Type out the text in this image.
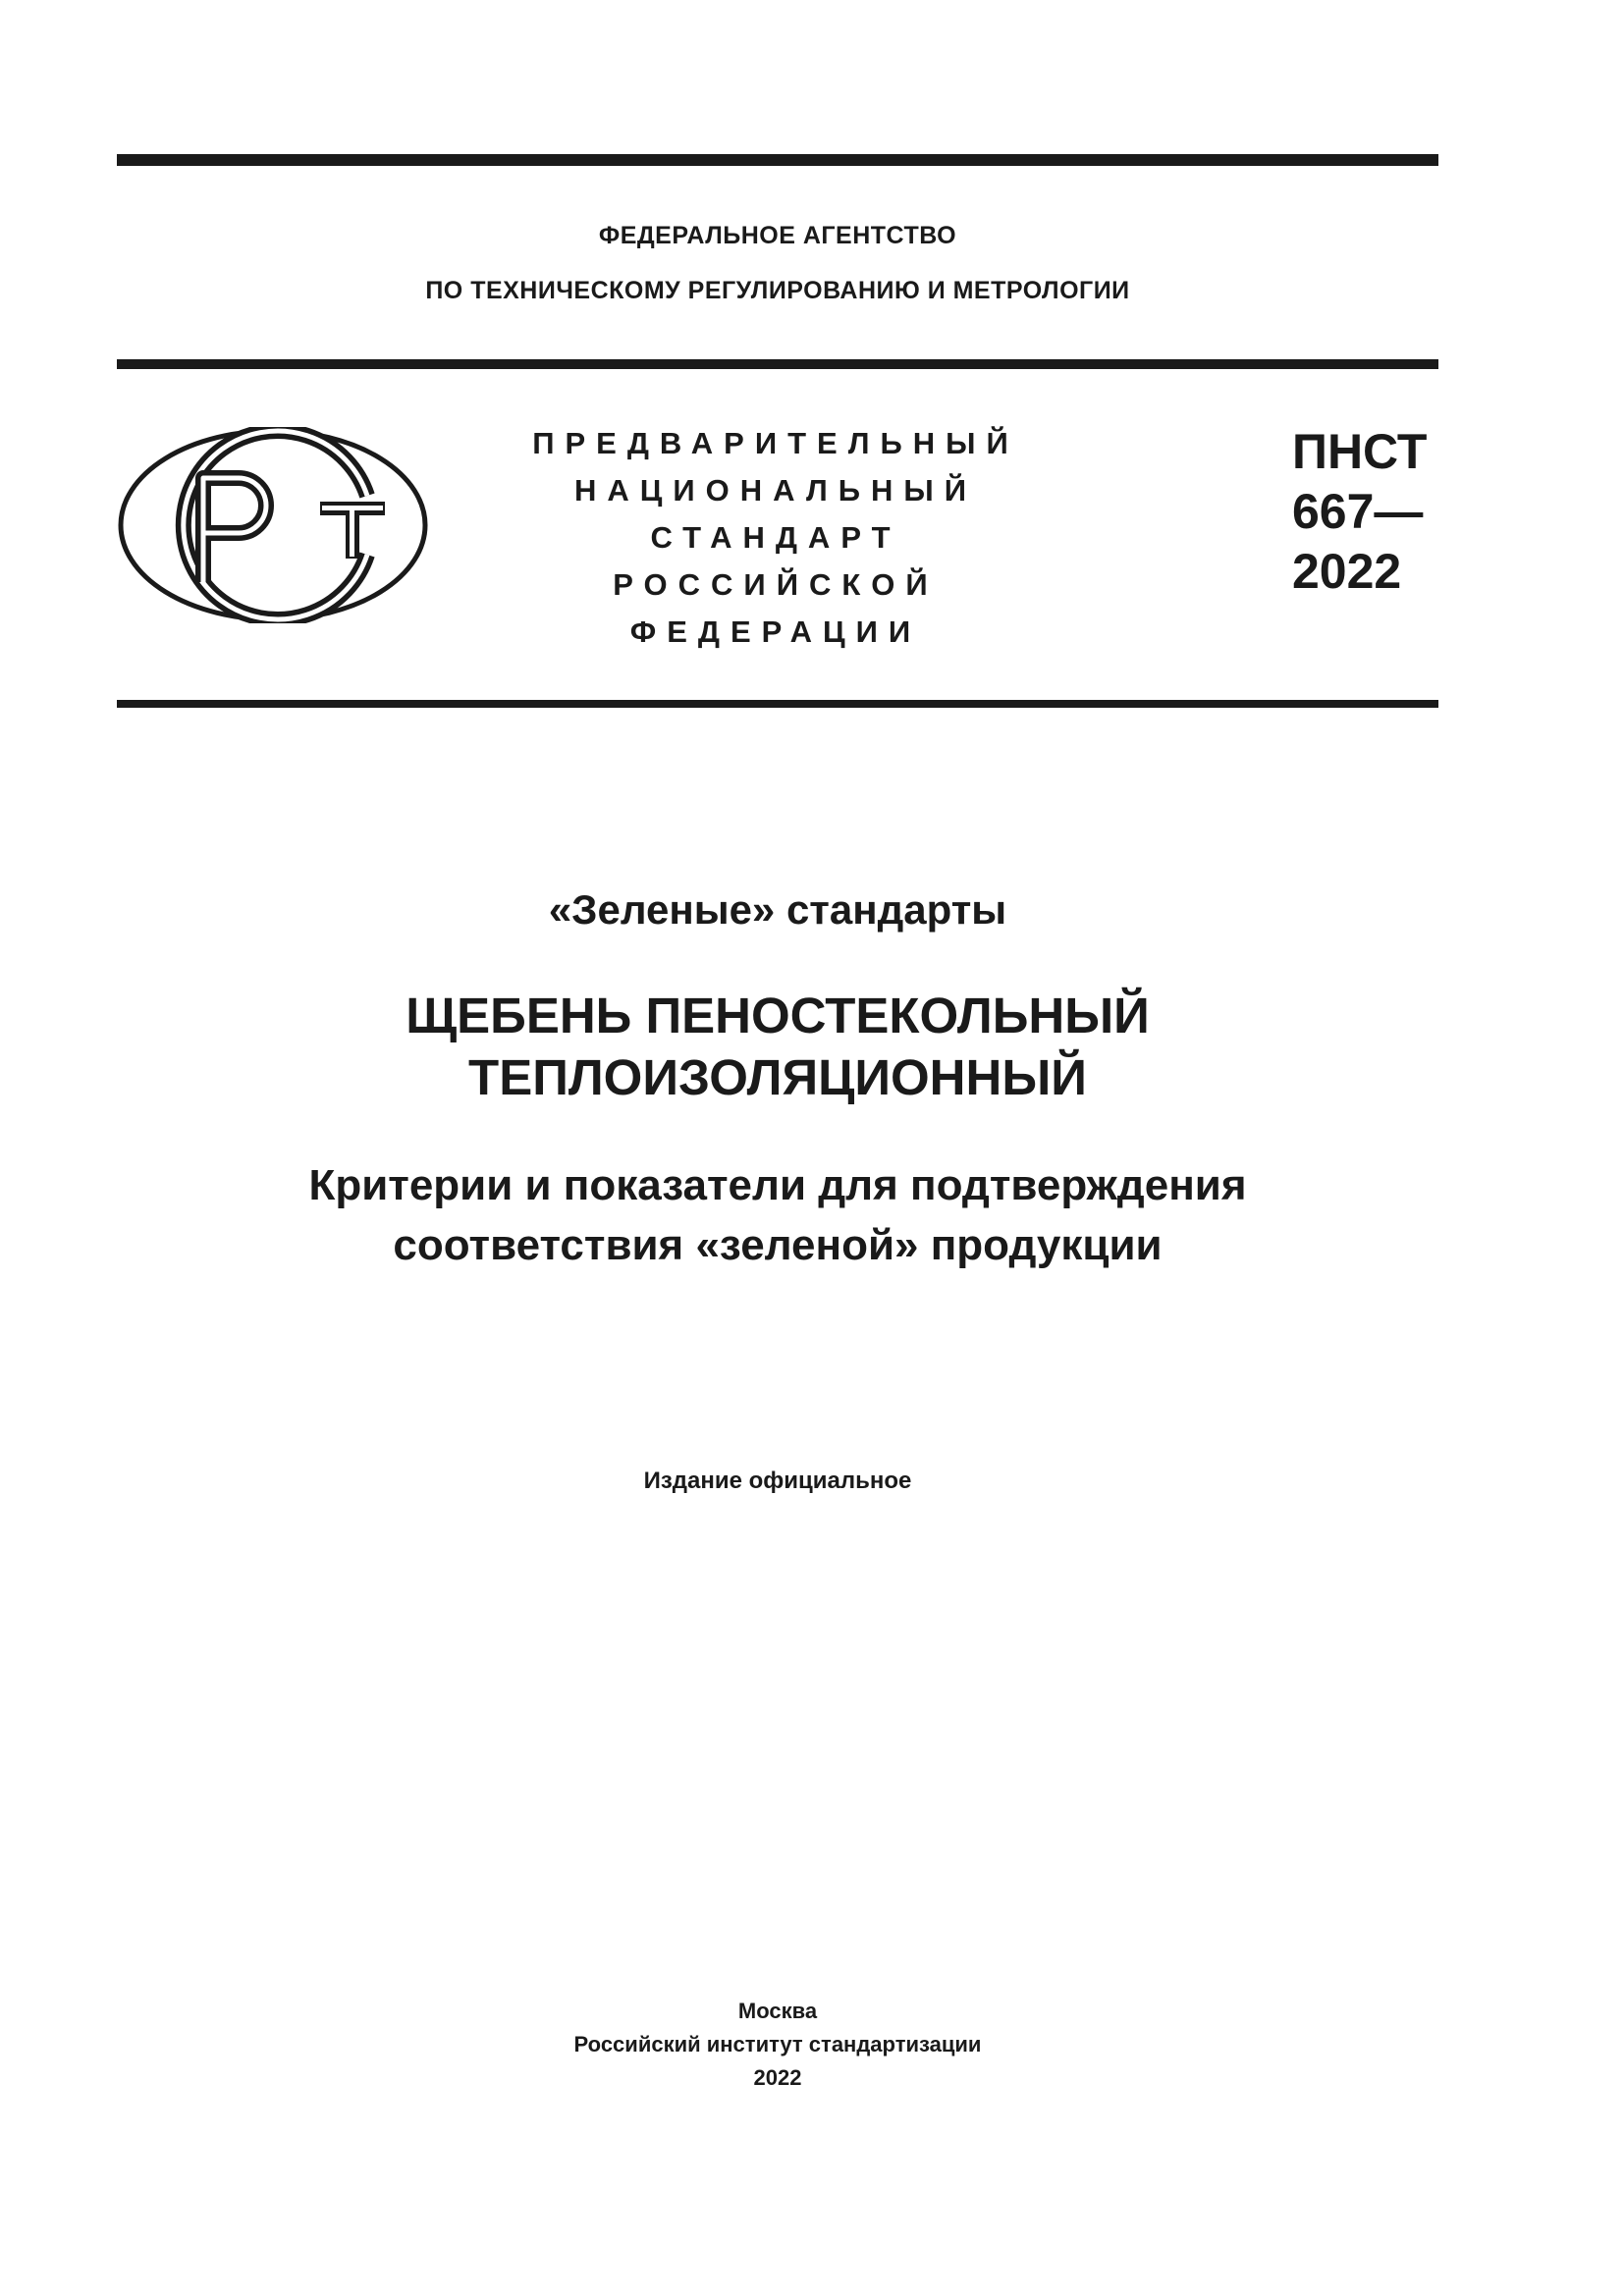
ФЕДЕРАЛЬНОЕ АГЕНТСТВО
ПО ТЕХНИЧЕСКОМУ РЕГУЛИРОВАНИЮ И МЕТРОЛОГИИ
ПРЕДВАРИТЕЛЬНЫЙ
НАЦИОНАЛЬНЫЙ
СТАНДАРТ
РОССИЙСКОЙ
ФЕДЕРАЦИИ
ПНСТ
667—
2022
«Зеленые» стандарты
ЩЕБЕНЬ ПЕНОСТЕКОЛЬНЫЙ
ТЕПЛОИЗОЛЯЦИОННЫЙ
Критерии и показатели для подтверждения
соответствия «зеленой» продукции
Издание официальное
Москва
Российский институт стандартизации
2022
